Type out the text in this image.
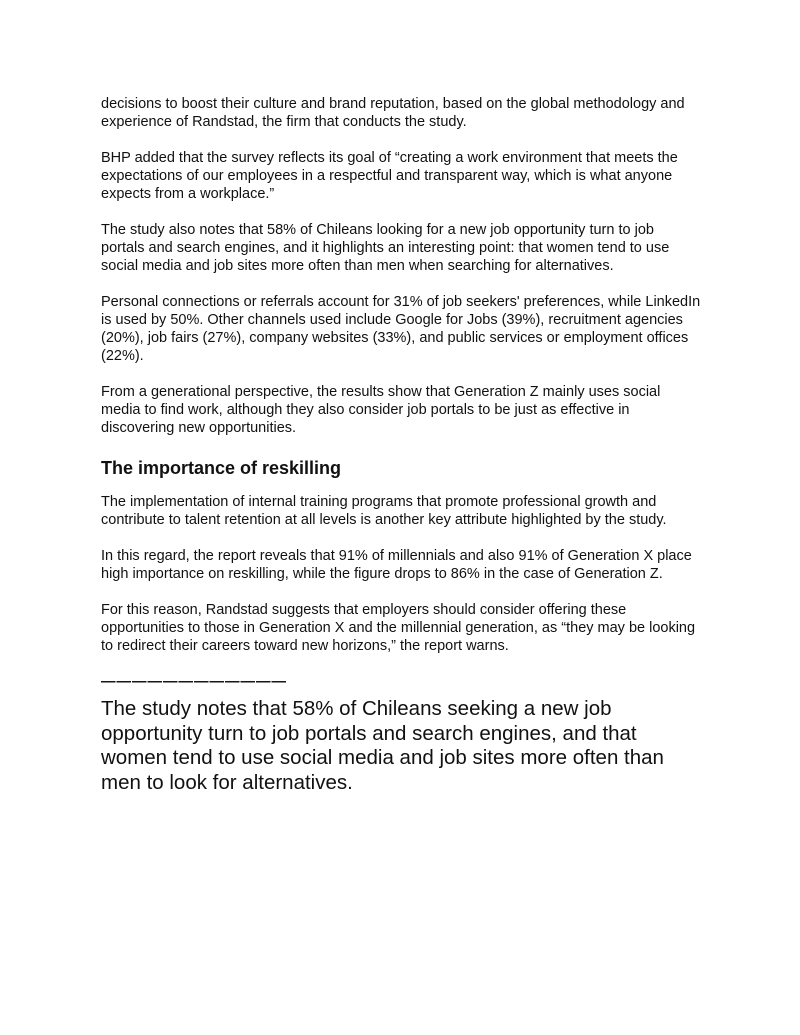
decisions to boost their culture and brand reputation, based on the global methodology and experience of Randstad, the firm that conducts the study.

BHP added that the survey reflects its goal of “creating a work environment that meets the expectations of our employees in a respectful and transparent way, which is what anyone expects from a workplace.”

The study also notes that 58% of Chileans looking for a new job opportunity turn to job portals and search engines, and it highlights an interesting point: that women tend to use social media and job sites more often than men when searching for alternatives.

Personal connections or referrals account for 31% of job seekers' preferences, while LinkedIn is used by 50%. Other channels used include Google for Jobs (39%), recruitment agencies (20%), job fairs (27%), company websites (33%), and public services or employment offices (22%).

From a generational perspective, the results show that Generation Z mainly uses social media to find work, although they also consider job portals to be just as effective in discovering new opportunities.

The importance of reskilling

The implementation of internal training programs that promote professional growth and contribute to talent retention at all levels is another key attribute highlighted by the study.

In this regard, the report reveals that 91% of millennials and also 91% of Generation X place high importance on reskilling, while the figure drops to 86% in the case of Generation Z.

For this reason, Randstad suggests that employers should consider offering these opportunities to those in Generation X and the millennial generation, as “they may be looking to redirect their careers toward new horizons,” the report warns.

————————————

The study notes that 58% of Chileans seeking a new job opportunity turn to job portals and search engines, and that women tend to use social media and job sites more often than men to look for alternatives.
